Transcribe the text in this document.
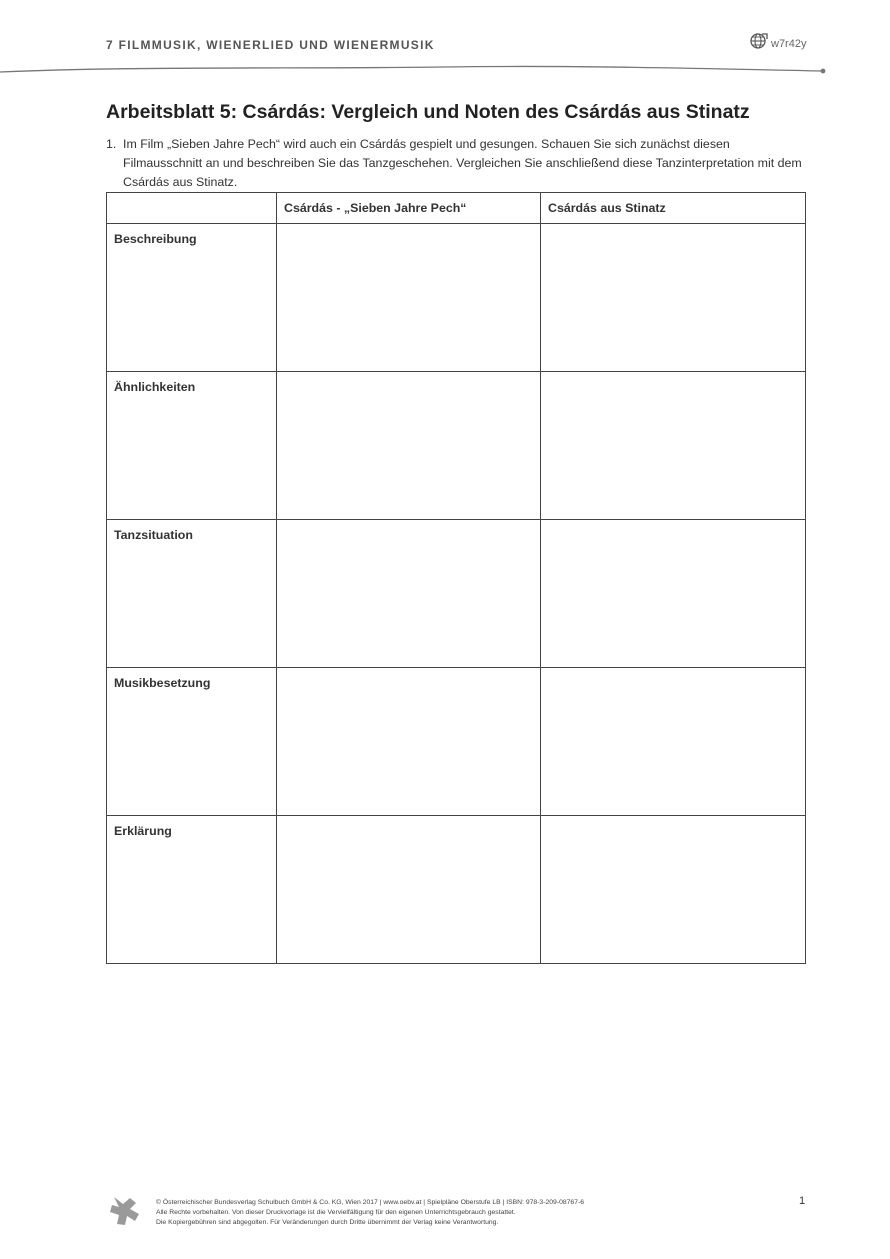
7 FILMMUSIK, WIENERLIED UND WIENERMUSIK	w7r42y
Arbeitsblatt 5: Csárdás: Vergleich und Noten des Csárdás aus Stinatz
1. Im Film „Sieben Jahre Pech“ wird auch ein Csárdás gespielt und gesungen. Schauen Sie sich zunächst diesen Filmausschnitt an und beschreiben Sie das Tanzgeschehen. Vergleichen Sie anschließend diese Tanzinterpretation mit dem Csárdás aus Stinatz.
	Csárdás - „Sieben Jahre Pech“	Csárdás aus Stinatz
Beschreibung		
Ähnlichkeiten		
Tanzsituation		
Musikbesetzung		
Erklärung		
© Österreichischer Bundesverlag Schulbuch GmbH & Co. KG, Wien 2017 | www.oebv.at | Spielpläne Oberstufe LB | ISBN: 978-3-209-08767-6
Alle Rechte vorbehalten. Von dieser Druckvorlage ist die Vervielfältigung für den eigenen Unterrichtsgebrauch gestattet.
Die Kopiergebühren sind abgegolten. Für Veränderungen durch Dritte übernimmt der Verlag keine Verantwortung.
1
